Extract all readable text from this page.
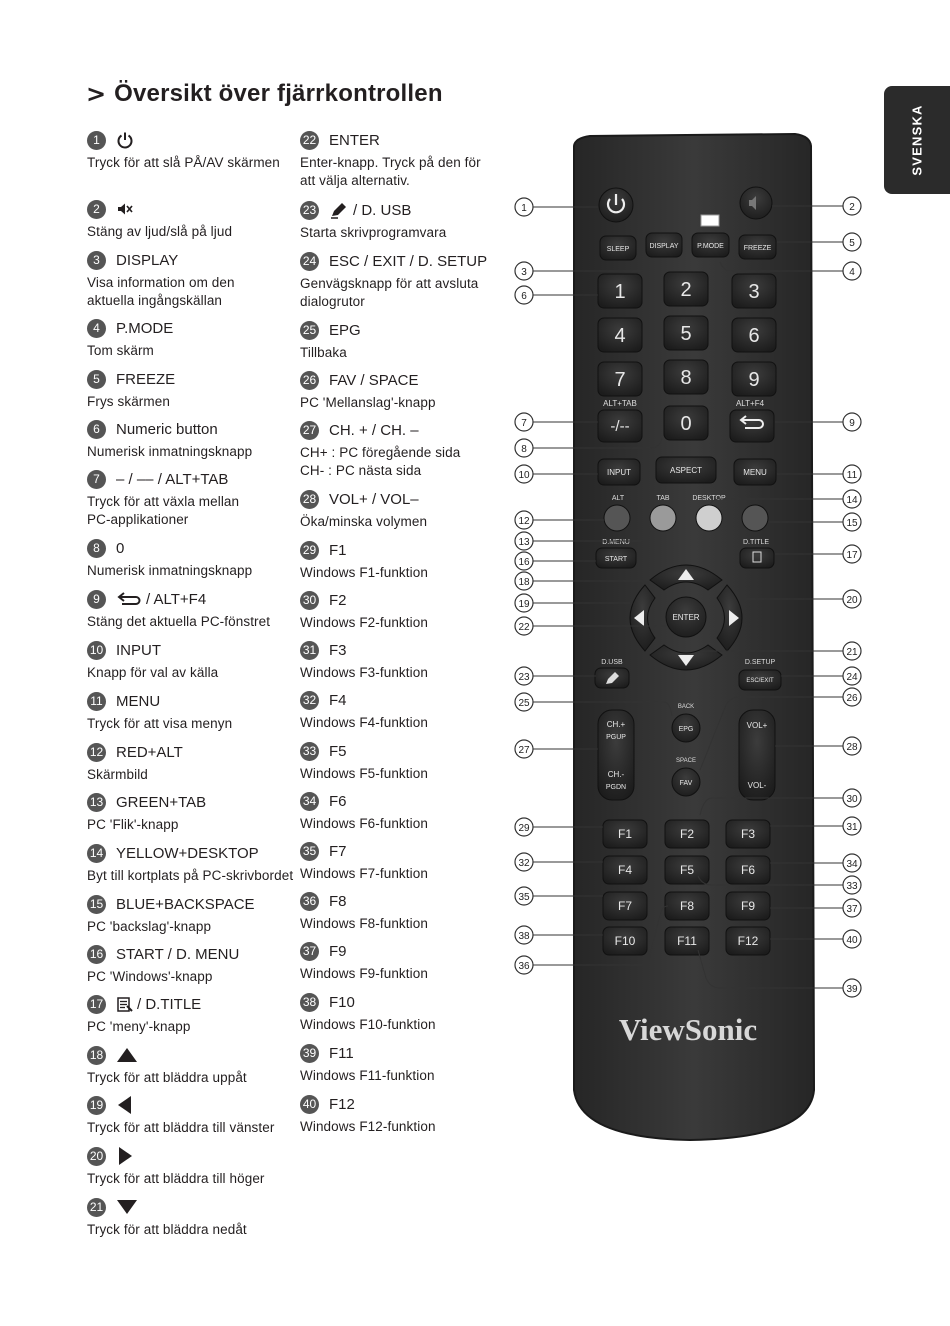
> Översikt över fjärrkontrollen
SVENSKA
1
Tryck för att slå PÅ/AV skärmen
2
Stäng av ljud/slå på ljud
3	DISPLAY
Visa information om den
aktuella ingångskällan
4	P.MODE
Tom skärm
5	FREEZE
Frys skärmen
6	Numeric button
Numerisk inmatningsknapp
7	– / –– / ALT+TAB
Tryck för att växla mellan
PC-applikationer
8	0
Numerisk inmatningsknapp
9	/ ALT+F4
Stäng det aktuella PC-fönstret
10 INPUT
Knapp för val av källa
11 MENU
Tryck för att visa menyn
12 RED+ALT
Skärmbild
13 GREEN+TAB
PC 'Flik'-knapp
14 YELLOW+DESKTOP
Byt till kortplats på PC-skrivbordet
15 BLUE+BACKSPACE
PC 'backslag'-knapp
16 START / D. MENU
PC 'Windows'-knapp
17 / D.TITLE
PC 'meny'-knapp
18
Tryck för att bläddra uppåt
19
Tryck för att bläddra till vänster
20
Tryck för att bläddra till höger
21
Tryck för att bläddra nedåt
22 ENTER
Enter-knapp. Tryck på den för
att välja alternativ.
23 / D. USB
Starta skrivprogramvara
24 ESC / EXIT / D. SETUP
Genvägsknapp för att avsluta
dialogrutor
25 EPG
Tillbaka
26 FAV / SPACE
PC 'Mellanslag'-knapp
27 CH. + / CH. –
CH+ : PC föregående sida
CH- : PC nästa sida
28 VOL+ / VOL–
Öka/minska volymen
29 F1
Windows F1-funktion
30 F2
Windows F2-funktion
31 F3
Windows F3-funktion
32 F4
Windows F4-funktion
33 F5
Windows F5-funktion
34 F6
Windows F6-funktion
35 F7
Windows F7-funktion
36 F8
Windows F8-funktion
37 F9
Windows F9-funktion
38 F10
Windows F10-funktion
39 F11
Windows F11-funktion
40 F12
Windows F12-funktion
SLEEP	DISPLAY	P.MODE	FREEZE
1	2	3
4	5	6
7	8	9
ALT+TAB	ALT+F4
-/--	0
INPUT	ASPECT	MENU
ALT	TAB	DESKTOP
D.MENU
START
D.TITLE
ENTER
D.USB	D.SETUP
ESC/EXIT
BACK
EPG
SPACE
FAV
CH.+
PGUP
CH.-
PGDN
VOL+
VOL-
F1	F2	F3
F4	F5	F6
F7	F8	F9
F10	F11	F12
1	2
3	4
5
6
7
8
9
10	11
12
13
14
15
16
17
18
19	20
21
22
23	24
25	26
27	28
29
30
31
32
33
34
35
36
37
38
39
40
ViewSonic
